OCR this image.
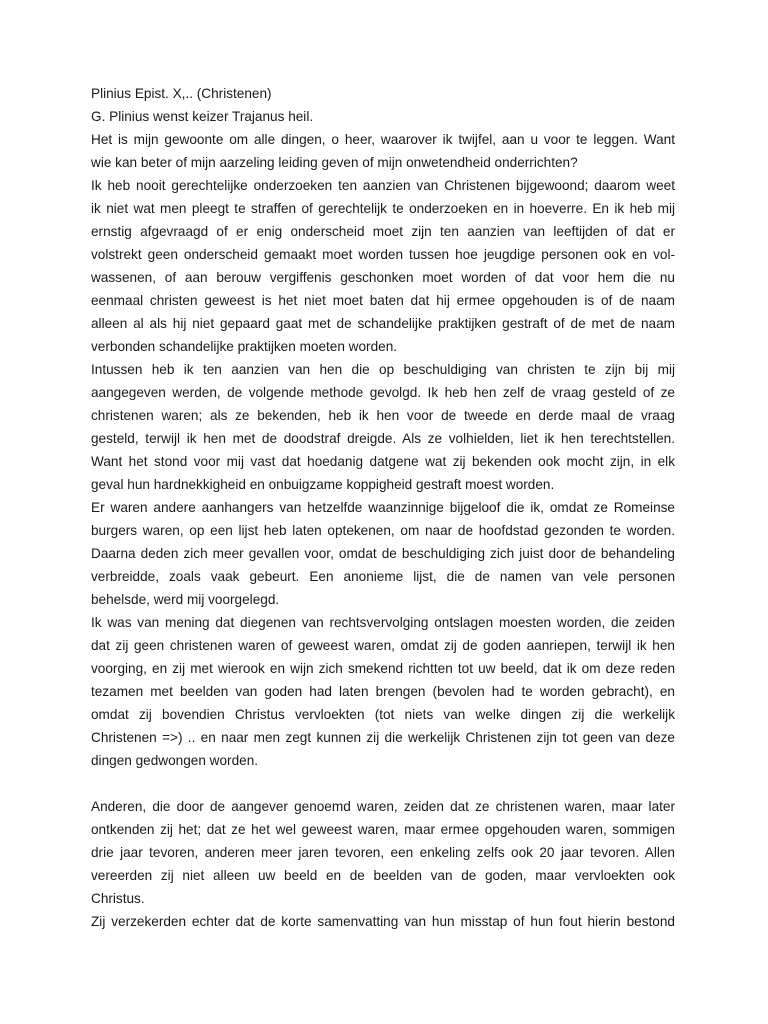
Plinius Epist. X,.. (Christenen)
G. Plinius wenst keizer Trajanus heil.
Het is mijn gewoonte om alle dingen, o heer, waarover ik twijfel, aan u voor te leggen. Want
wie kan beter of mijn aarzeling leiding geven of mijn onwetendheid onderrichten?
Ik heb nooit gerechtelijke onderzoeken ten aanzien van Christenen bijgewoond; daarom weet
ik niet wat men pleegt te straffen of gerechtelijk te onderzoeken en in hoeverre. En ik heb mij
ernstig afgevraagd of er enig onderscheid moet zijn ten aanzien van leeftijden of dat er
volstrekt geen onderscheid gemaakt moet worden tussen hoe jeugdige personen ook en vol-
wassenen, of aan berouw vergiffenis geschonken moet worden of dat voor hem die nu
eenmaal christen geweest is het niet moet baten dat hij ermee opgehouden is of de naam
alleen al als hij niet gepaard gaat met de schandelijke praktijken gestraft of de met de naam
verbonden schandelijke praktijken moeten worden.
Intussen heb ik ten aanzien van hen die op beschuldiging van christen te zijn bij mij
aangegeven werden, de volgende methode gevolgd. Ik heb hen zelf de vraag gesteld of ze
christenen waren; als ze bekenden, heb ik hen voor de tweede en derde maal de vraag
gesteld, terwijl ik hen met de doodstraf dreigde. Als ze volhielden, liet ik hen terechtstellen.
Want het stond voor mij vast dat hoedanig datgene wat zij bekenden ook mocht zijn, in elk
geval hun hardnekkigheid en onbuigzame koppigheid gestraft moest worden.
Er waren andere aanhangers van hetzelfde waanzinnige bijgeloof die ik, omdat ze Romeinse
burgers waren, op een lijst heb laten optekenen, om naar de hoofdstad gezonden te worden.
Daarna deden zich meer gevallen voor, omdat de beschuldiging zich juist door de behandeling
verbreidde, zoals vaak gebeurt. Een anonieme lijst, die de namen van vele personen
behelsde, werd mij voorgelegd.
Ik was van mening dat diegenen van rechtsvervolging ontslagen moesten worden, die zeiden
dat zij geen christenen waren of geweest waren, omdat zij de goden aanriepen, terwijl ik hen
voorging, en zij met wierook en wijn zich smekend richtten tot uw beeld, dat ik om deze reden
tezamen met beelden van goden had laten brengen (bevolen had te worden gebracht), en
omdat zij bovendien Christus vervloekten (tot niets van welke dingen zij die werkelijk
Christenen =>) .. en naar men zegt kunnen zij die werkelijk Christenen zijn tot geen van deze
dingen gedwongen worden.
Anderen, die door de aangever genoemd waren, zeiden dat ze christenen waren, maar later
ontkenden zij het; dat ze het wel geweest waren, maar ermee opgehouden waren, sommigen
drie jaar tevoren, anderen meer jaren tevoren, een enkeling zelfs ook 20 jaar tevoren. Allen
vereerden zij niet alleen uw beeld en de beelden van de goden, maar vervloekten ook
Christus.
Zij verzekerden echter dat de korte samenvatting van hun misstap of hun fout hierin bestond
